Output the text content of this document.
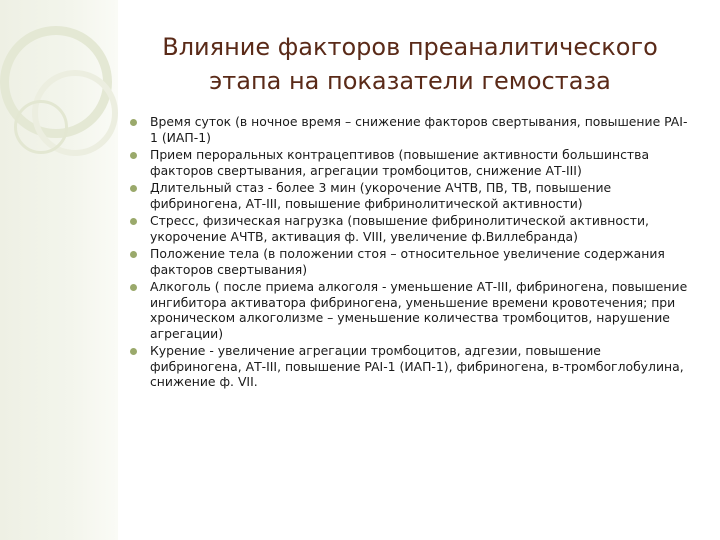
Влияние факторов преаналитического
этапа на показатели гемостаза
Время суток (в ночное время – снижение факторов свертывания, повышение PAI-1 (ИАП-1)
Прием пероральных контрацептивов (повышение активности большинства факторов свертывания, агрегации тромбоцитов, снижение АТ-III)
Длительный стаз - более 3 мин (укорочение АЧТВ, ПВ, ТВ, повышение фибриногена, АТ-III, повышение фибринолитической активности)
Стресс, физическая нагрузка (повышение фибринолитической активности, укорочение АЧТВ, активация ф. VIII, увеличение ф.Виллебранда)
Положение тела (в положении стоя – относительное увеличение содержания факторов свертывания)
Алкоголь ( после приема алкоголя - уменьшение АТ-III, фибриногена, повышение ингибитора активатора фибриногена, уменьшение времени кровотечения; при хроническом алкоголизме – уменьшение количества тромбоцитов, нарушение агрегации)
Курение - увеличение агрегации тромбоцитов, адгезии, повышение фибриногена, АТ-III, повышение PAI-1 (ИАП-1), фибриногена, в-тромбоглобулина, снижение ф. VII.
